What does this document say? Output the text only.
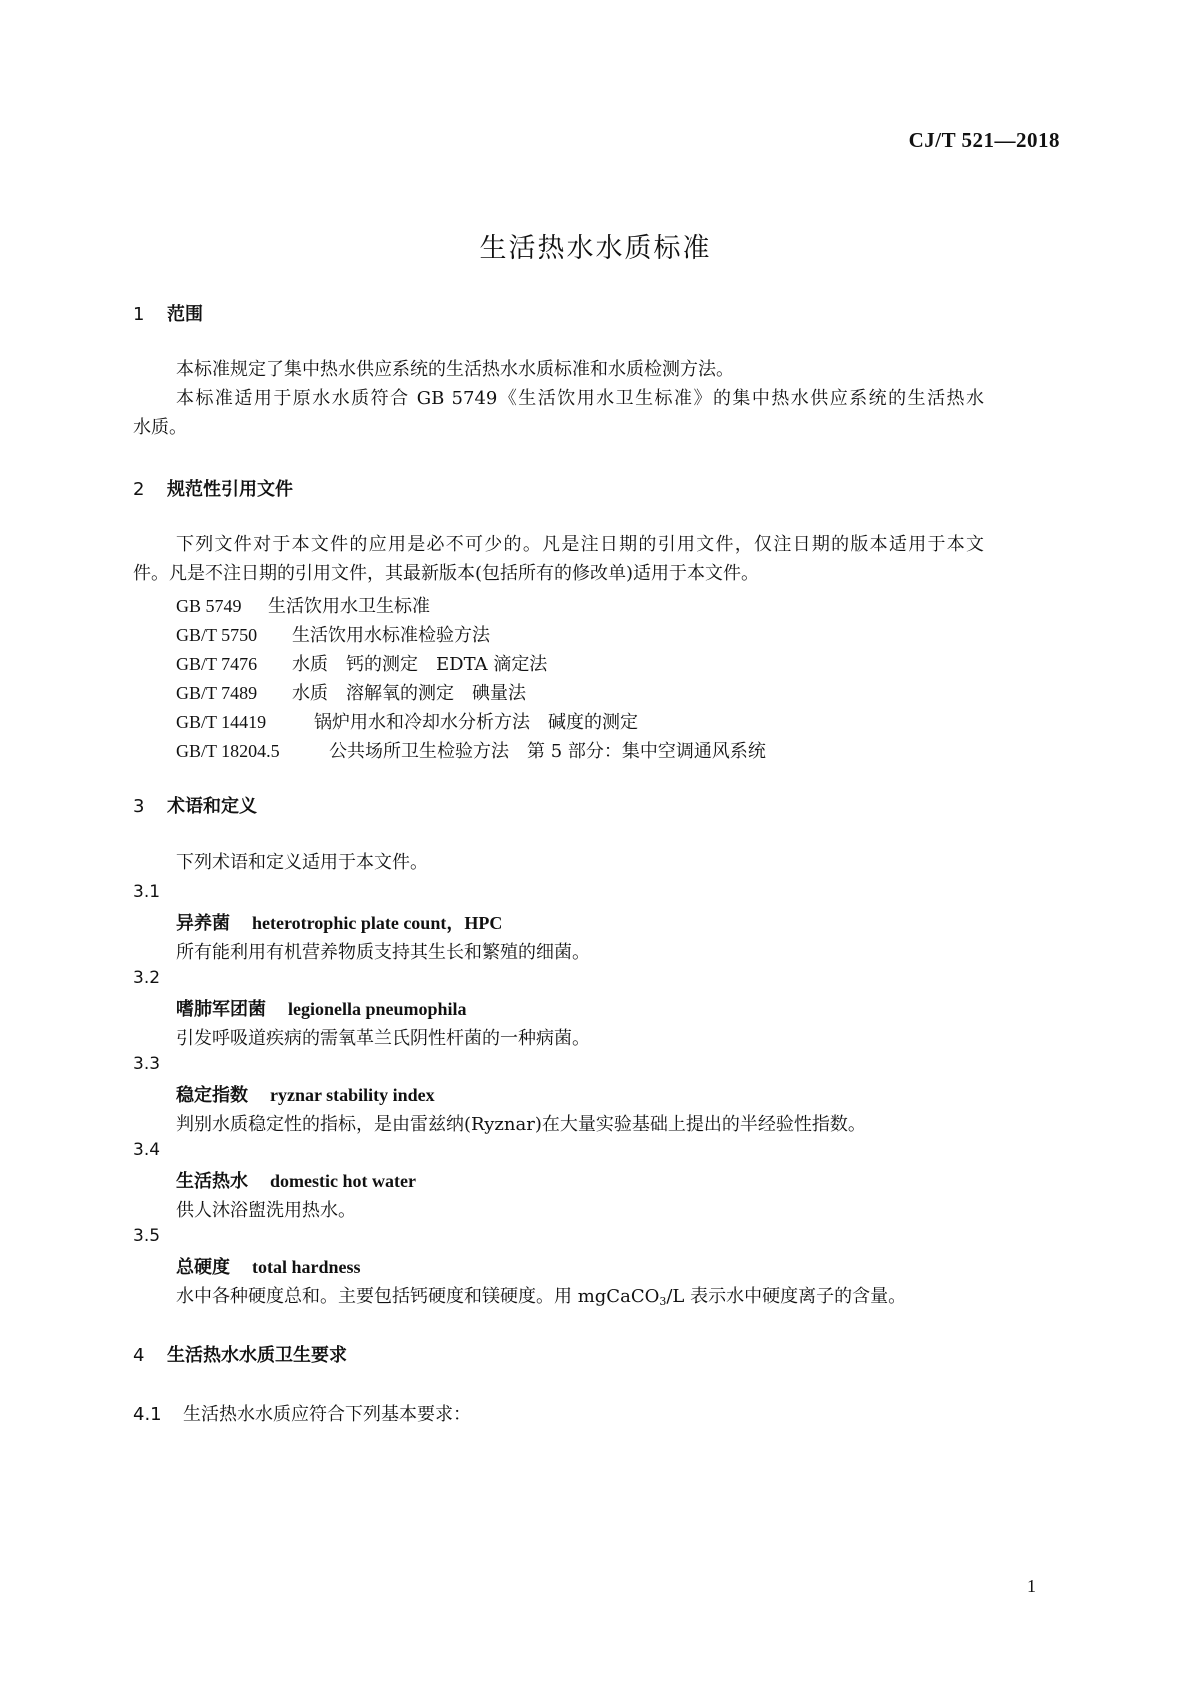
CJ/T 521—2018
生活热水水质标准
1 范围
本标准规定了集中热水供应系统的生活热水水质标准和水质检测方法。
本标准适用于原水水质符合 GB 5749《生活饮用水卫生标准》的集中热水供应系统的生活热水
水质。
2 规范性引用文件
下列文件对于本文件的应用是必不可少的。凡是注日期的引用文件，仅注日期的版本适用于本文
件。凡是不注日期的引用文件，其最新版本(包括所有的修改单)适用于本文件。
GB 5749 生活饮用水卫生标准
GB/T 5750 生活饮用水标准检验方法
GB/T 7476 水质　钙的测定　EDTA 滴定法
GB/T 7489 水质　溶解氧的测定　碘量法
GB/T 14419	锅炉用水和冷却水分析方法　碱度的测定
GB/T 18204.5	公共场所卫生检验方法　第 5 部分：集中空调通风系统
3 术语和定义
下列术语和定义适用于本文件。
3.1
异养菌 heterotrophic plate count，HPC
所有能利用有机营养物质支持其生长和繁殖的细菌。
3.2
嗜肺军团菌 legionella pneumophila
引发呼吸道疾病的需氧革兰氏阴性杆菌的一种病菌。
3.3
稳定指数 ryznar stability index
判别水质稳定性的指标，是由雷兹纳(Ryznar)在大量实验基础上提出的半经验性指数。
3.4
生活热水 domestic hot water
供人沐浴盥洗用热水。
3.5
总硬度 total hardness
水中各种硬度总和。主要包括钙硬度和镁硬度。用 mgCaCO$_3$/L 表示水中硬度离子的含量。
4 生活热水水质卫生要求
4.1 生活热水水质应符合下列基本要求：
1
